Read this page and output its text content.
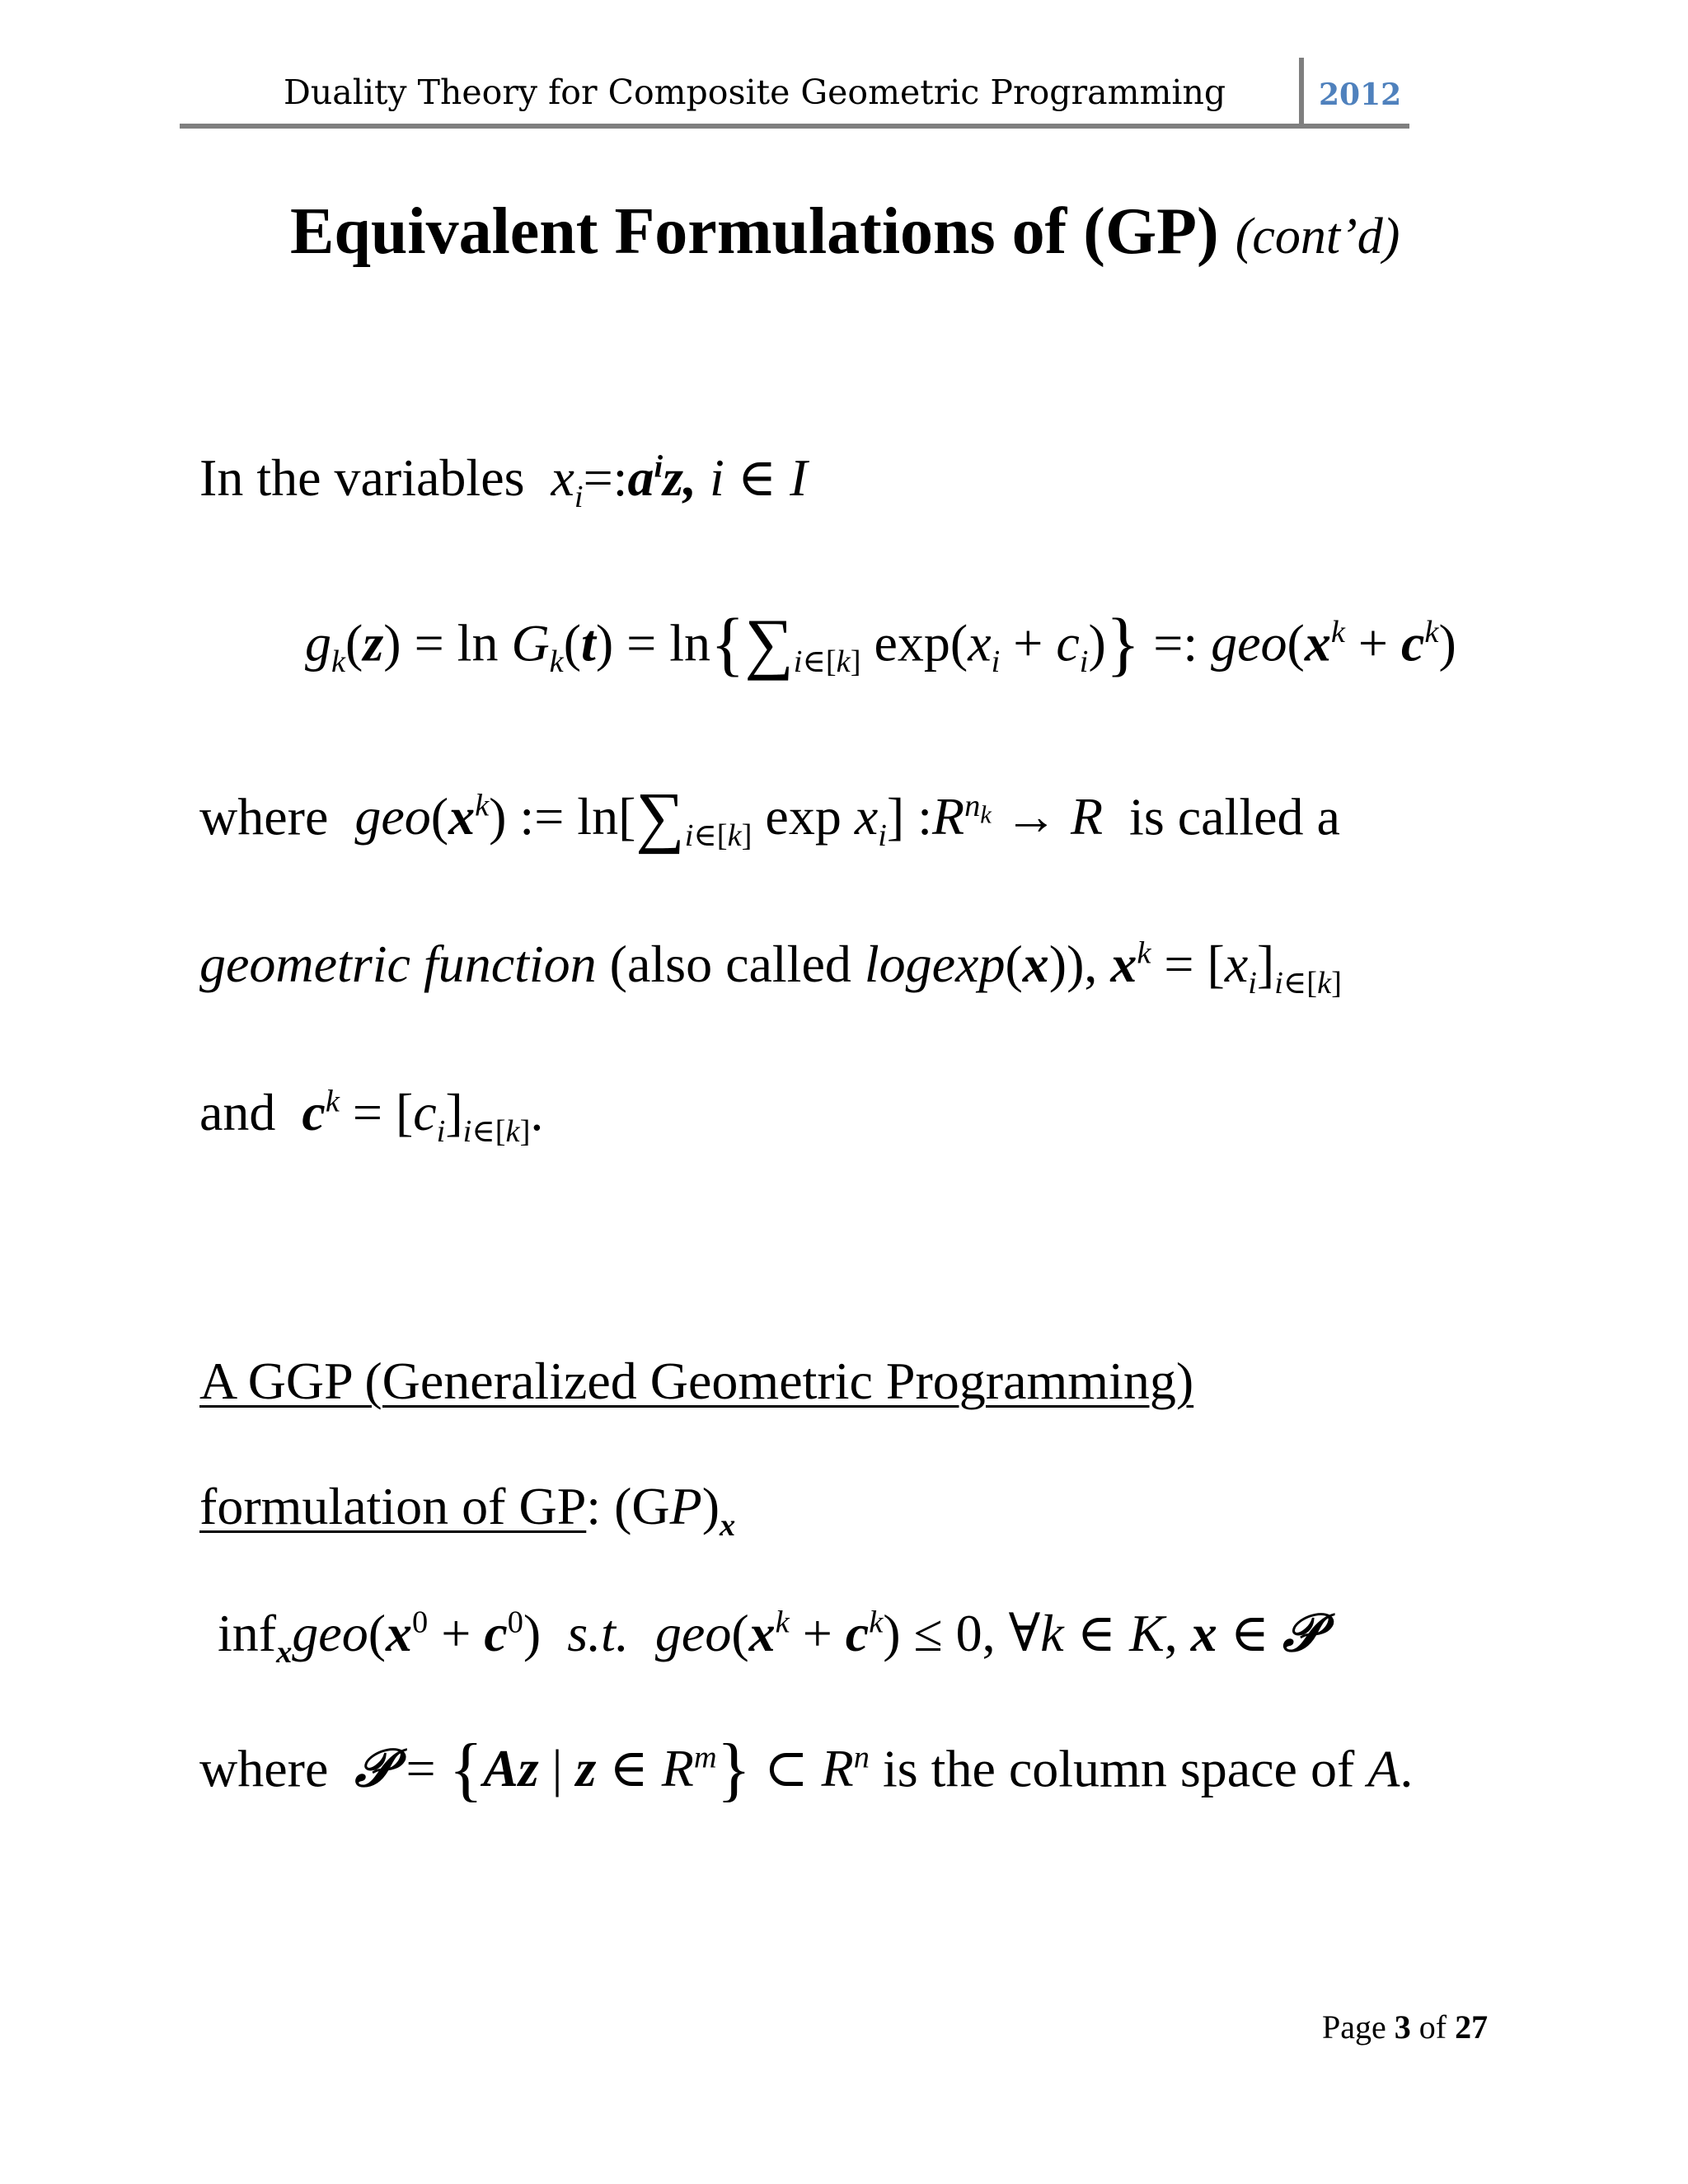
Duality Theory for Composite Geometric Programming	2012
Equivalent Formulations of (GP) (cont’d)
In the variables $x_i=:a^iz$, i ∈ I
$g_k(z) = \ln G_k(t) = \ln\{\sum_{i\in[k]}$ $\exp(x_i + c_i)$} =: $geo(x^k + c^k)$
where $geo(x^k)$ := $\ln[\sum_{i\in[k]}$ $\exp x_i$] $:R^{n_k} \to R$ is called a
geometric function (also called logexp(x)), $x^k = [x_i]_{i\in[k]}$
and $c^k = [c_i]_{i\in[k]}$.
A GGP (Generalized Geometric Programming)
formulation of GP: $(GP)_x$
$inf_xgeo(x^0 + c^0)$  s.t. $geo(x^k + c^k) \le 0$, ∀k ∈ K, x ∈ 𝒫
where 𝒫 = {Az | z ∈ $R^m$} ⊂ $R^n$ is the column space of A.
Page 3 of 27
